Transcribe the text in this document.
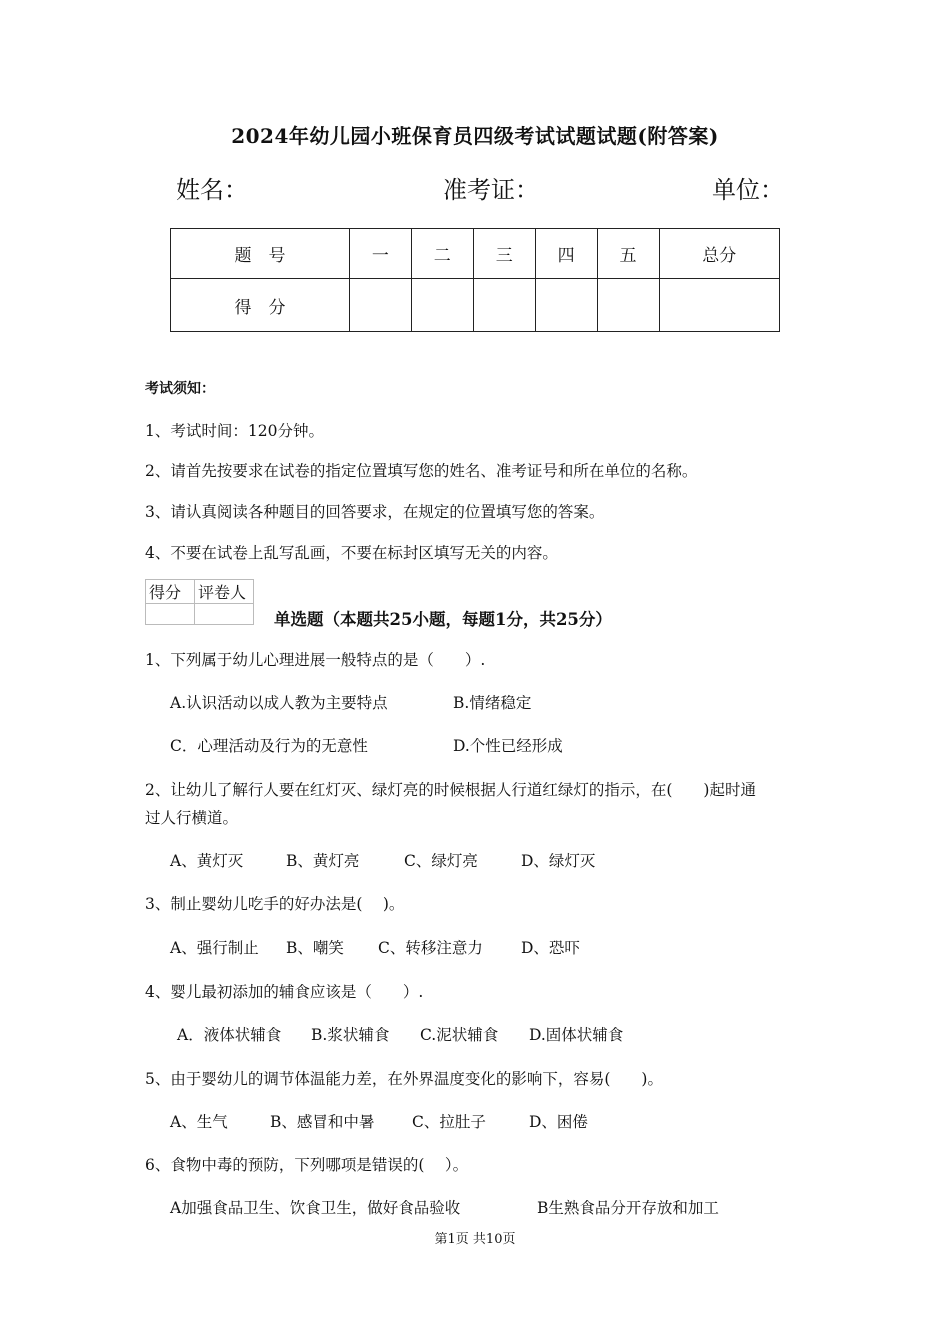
2024年幼儿园小班保育员四级考试试题试题(附答案)
姓名：	准考证：	单位：
题　号	一	二	三	四	五	总分
得　分						
考试须知：
1、考试时间：120分钟。
2、请首先按要求在试卷的指定位置填写您的姓名、准考证号和所在单位的名称。
3、请认真阅读各种题目的回答要求，在规定的位置填写您的答案。
4、不要在试卷上乱写乱画，不要在标封区填写无关的内容。
得分	评卷人

单选题（本题共25小题，每题1分，共25分）
1、下列属于幼儿心理进展一般特点的是（　　）.
A.认识活动以成人教为主要特点	B.情绪稳定
C．心理活动及行为的无意性	D.个性已经形成
2、让幼儿了解行人要在红灯灭、绿灯亮的时候根据人行道红绿灯的指示，在(　　)起时通
过人行横道。
A、黄灯灭	B、黄灯亮	C、绿灯亮	D、绿灯灭
3、制止婴幼儿吃手的好办法是(　 )。
A、强行制止 B、嘲笑 C、转移注意力 D、恐吓
4、婴儿最初添加的辅食应该是（　　）.
A．液体状辅食 B.浆状辅食 C.泥状辅食 D.固体状辅食
5、由于婴幼儿的调节体温能力差，在外界温度变化的影响下，容易(　　)。
A、生气	B、感冒和中暑 C、拉肚子	D、困倦
6、食物中毒的预防，下列哪项是错误的(　 ）。
A加强食品卫生、饮食卫生，做好食品验收	B生熟食品分开存放和加工
第1页 共10页
